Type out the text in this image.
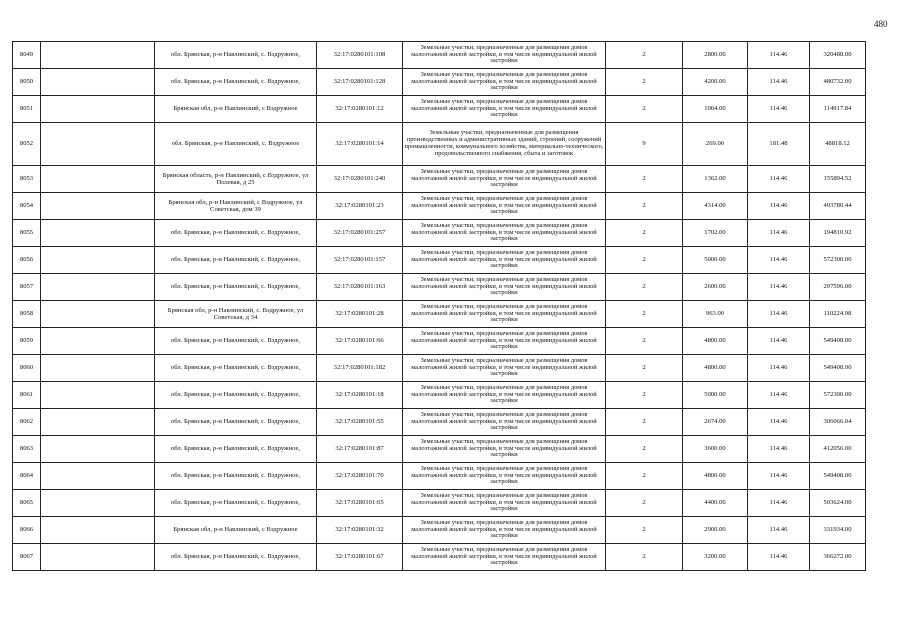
480
8049		обл. Брянская, р-н Навлинский, с. Вздружное,	32:17:0280101:108	Земельные участки, предназначенные для размещения домов малоэтажной жилой застройки, в том числе индивидуальной жилой застройки	2	2800.00	114.46	320488.00
8050		обл. Брянская, р-н Навлинский, с. Вздружное,	32:17:0280101:128	Земельные участки, предназначенные для размещения домов малоэтажной жилой застройки, в том числе индивидуальной жилой застройки	2	4200.00	114.46	480732.00
8051		Брянская обл, р-н Навлинский, с Вздружное	32:17:0280101:12	Земельные участки, предназначенные для размещения домов малоэтажной жилой застройки, в том числе индивидуальной жилой застройки	2	1004.00	114.46	114917.84
8052		обл. Брянская, р-н Навлинский, с. Вздружное	32:17:0280101:14	Земельные участки, предназначенные для размещения производственных и административных зданий, строений, сооружений промышленности, коммунального хозяйства, материально-технического, продовольственного снабжения, сбыта и заготовок	9	269.00	181.48	48818.12
8053		Брянская область, р-н Навлинский, с Вздружное, ул Полевая, д 25	32:17:0280101:240	Земельные участки, предназначенные для размещения домов малоэтажной жилой застройки, в том числе индивидуальной жилой застройки	2	1362.00	114.46	155894.52
8054		Брянская обл, р-н Навлинский, с Вздружное, ул Советская, дом 39	32:17:0280101:23	Земельные участки, предназначенные для размещения домов малоэтажной жилой застройки, в том числе индивидуальной жилой застройки	2	4314.00	114.46	493780.44
8055		обл. Брянская, р-н Навлинский, с. Вздружное,	32:17:0280101:257	Земельные участки, предназначенные для размещения домов малоэтажной жилой застройки, в том числе индивидуальной жилой застройки	2	1702.00	114.46	194810.92
8056		обл. Брянская, р-н Навлинский, с. Вздружное,	32:17:0280101:157	Земельные участки, предназначенные для размещения домов малоэтажной жилой застройки, в том числе индивидуальной жилой застройки	2	5000.00	114.46	572300.00
8057		обл. Брянская, р-н Навлинский, с. Вздружное,	32:17:0280101:163	Земельные участки, предназначенные для размещения домов малоэтажной жилой застройки, в том числе индивидуальной жилой застройки	2	2600.00	114.46	297596.00
8058		Брянская обл, р-н Навлинский, с. Вздружное, ул Советская, д 34	32:17:0280101:28	Земельные участки, предназначенные для размещения домов малоэтажной жилой застройки, в том числе индивидуальной жилой застройки	2	963.00	114.46	110224.98
8059		обл. Брянская, р-н Навлинский, с. Вздружное,	32:17:0280101:66	Земельные участки, предназначенные для размещения домов малоэтажной жилой застройки, в том числе индивидуальной жилой застройки	2	4800.00	114.46	549408.00
8060		обл. Брянская, р-н Навлинский, с. Вздружное,	32:17:0280101:182	Земельные участки, предназначенные для размещения домов малоэтажной жилой застройки, в том числе индивидуальной жилой застройки	2	4800.00	114.46	549408.00
8061		обл. Брянская, р-н Навлинский, с. Вздружное,	32:17:0280101:18	Земельные участки, предназначенные для размещения домов малоэтажной жилой застройки, в том числе индивидуальной жилой застройки	2	5000.00	114.46	572300.00
8062		обл. Брянская, р-н Навлинский, с. Вздружное,	32:17:0280101:55	Земельные участки, предназначенные для размещения домов малоэтажной жилой застройки, в том числе индивидуальной жилой застройки	2	2674.00	114.46	306066.04
8063		обл. Брянская, р-н Навлинский, с. Вздружное,	32:17:0280101:87	Земельные участки, предназначенные для размещения домов малоэтажной жилой застройки, в том числе индивидуальной жилой застройки	2	3600.00	114.46	412056.00
8064		обл. Брянская, р-н Навлинский, с. Вздружное,	32:17:0280101:70	Земельные участки, предназначенные для размещения домов малоэтажной жилой застройки, в том числе индивидуальной жилой застройки	2	4800.00	114.46	549408.00
8065		обл. Брянская, р-н Навлинский, с. Вздружное,	32:17:0280101:65	Земельные участки, предназначенные для размещения домов малоэтажной жилой застройки, в том числе индивидуальной жилой застройки	2	4400.00	114.46	503624.00
8066		Брянская обл, р-н Навлинский, с Вздружное	32:17:0280101:32	Земельные участки, предназначенные для размещения домов малоэтажной жилой застройки, в том числе индивидуальной жилой застройки	2	2900.00	114.46	331934.00
8067		обл. Брянская, р-н Навлинский, с. Вздружное,	32:17:0280101:67	Земельные участки, предназначенные для размещения домов малоэтажной жилой застройки, в том числе индивидуальной жилой застройки	2	3200.00	114.46	366272.00
